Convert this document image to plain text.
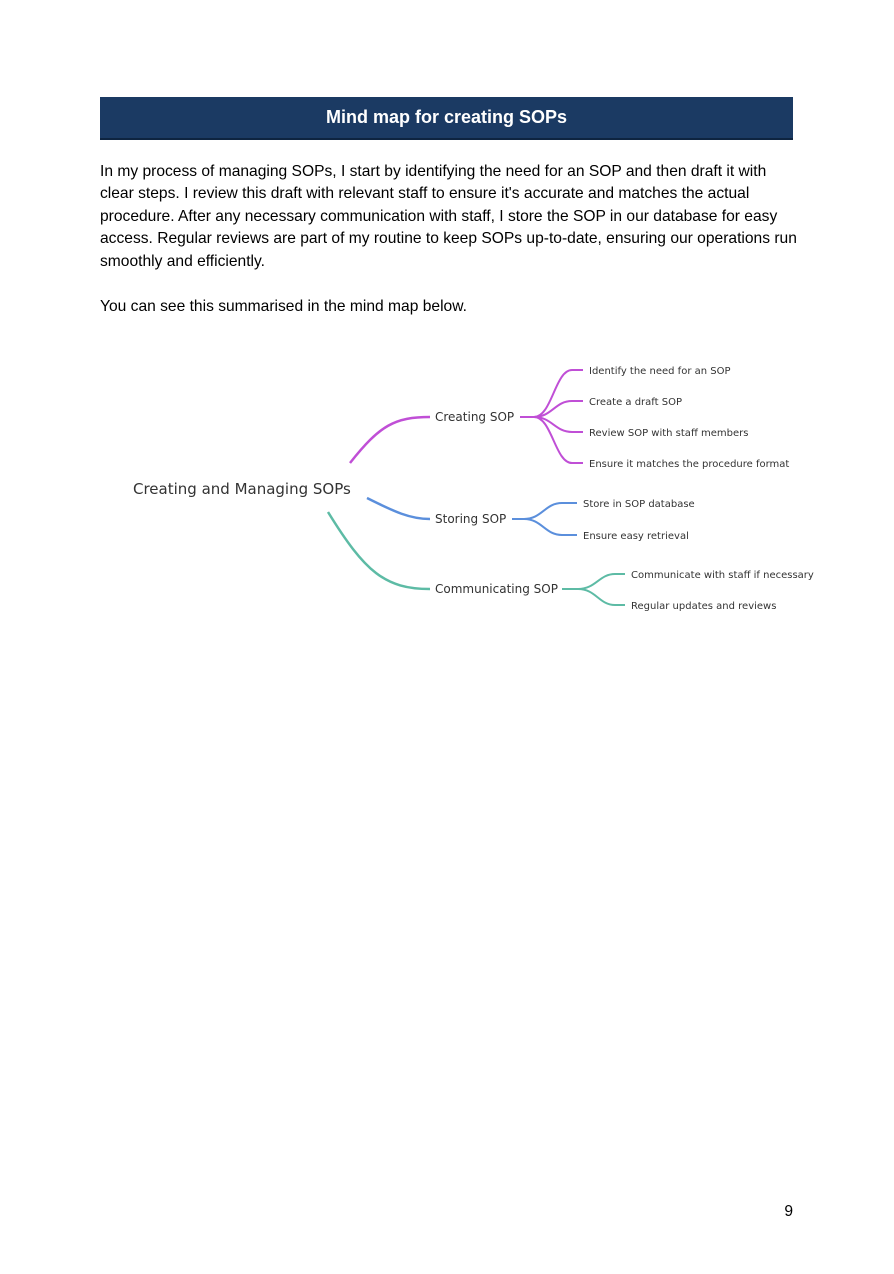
Mind map for creating SOPs

In my process of managing SOPs, I start by identifying the need for an SOP and then draft it with clear steps. I review this draft with relevant staff to ensure it's accurate and matches the actual procedure. After any necessary communication with staff, I store the SOP in our database for easy access. Regular reviews are part of my routine to keep SOPs up-to-date, ensuring our operations run smoothly and efficiently.

You can see this summarised in the mind map below.

Creating and Managing SOPs
Creating SOP
Storing SOP
Communicating SOP
Identify the need for an SOP
Create a draft SOP
Review SOP with staff members
Ensure it matches the procedure format
Store in SOP database
Ensure easy retrieval
Communicate with staff if necessary
Regular updates and reviews
9
